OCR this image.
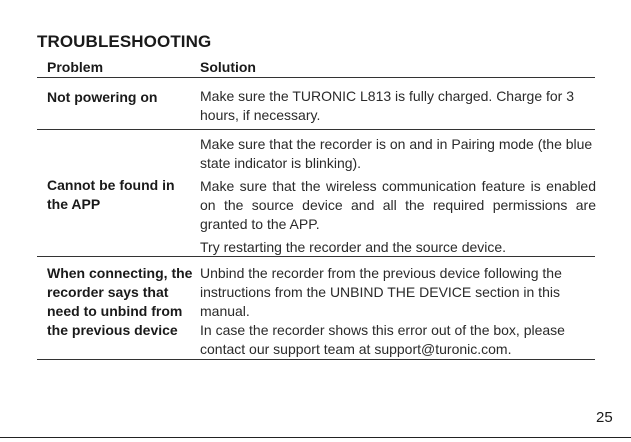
TROUBLESHOOTING
Problem	Solution
Not powering on	Make sure the TURONIC L813 is fully charged. Charge for 3 hours, if necessary.

Cannot be found in the APP

Make sure that the recorder is on and in Pairing mode (the blue state indicator is blinking).

Make sure that the wireless communication feature is enabled on the source device and all the required permissions are granted to the APP.

Try restarting the recorder and the source device.

When connecting, the recorder says that need to unbind from the previous device

Unbind the recorder from the previous device following the instructions from the UNBIND THE DEVICE section in this manual.

In case the recorder shows this error out of the box, please contact our support team at support@turonic.com.

25
